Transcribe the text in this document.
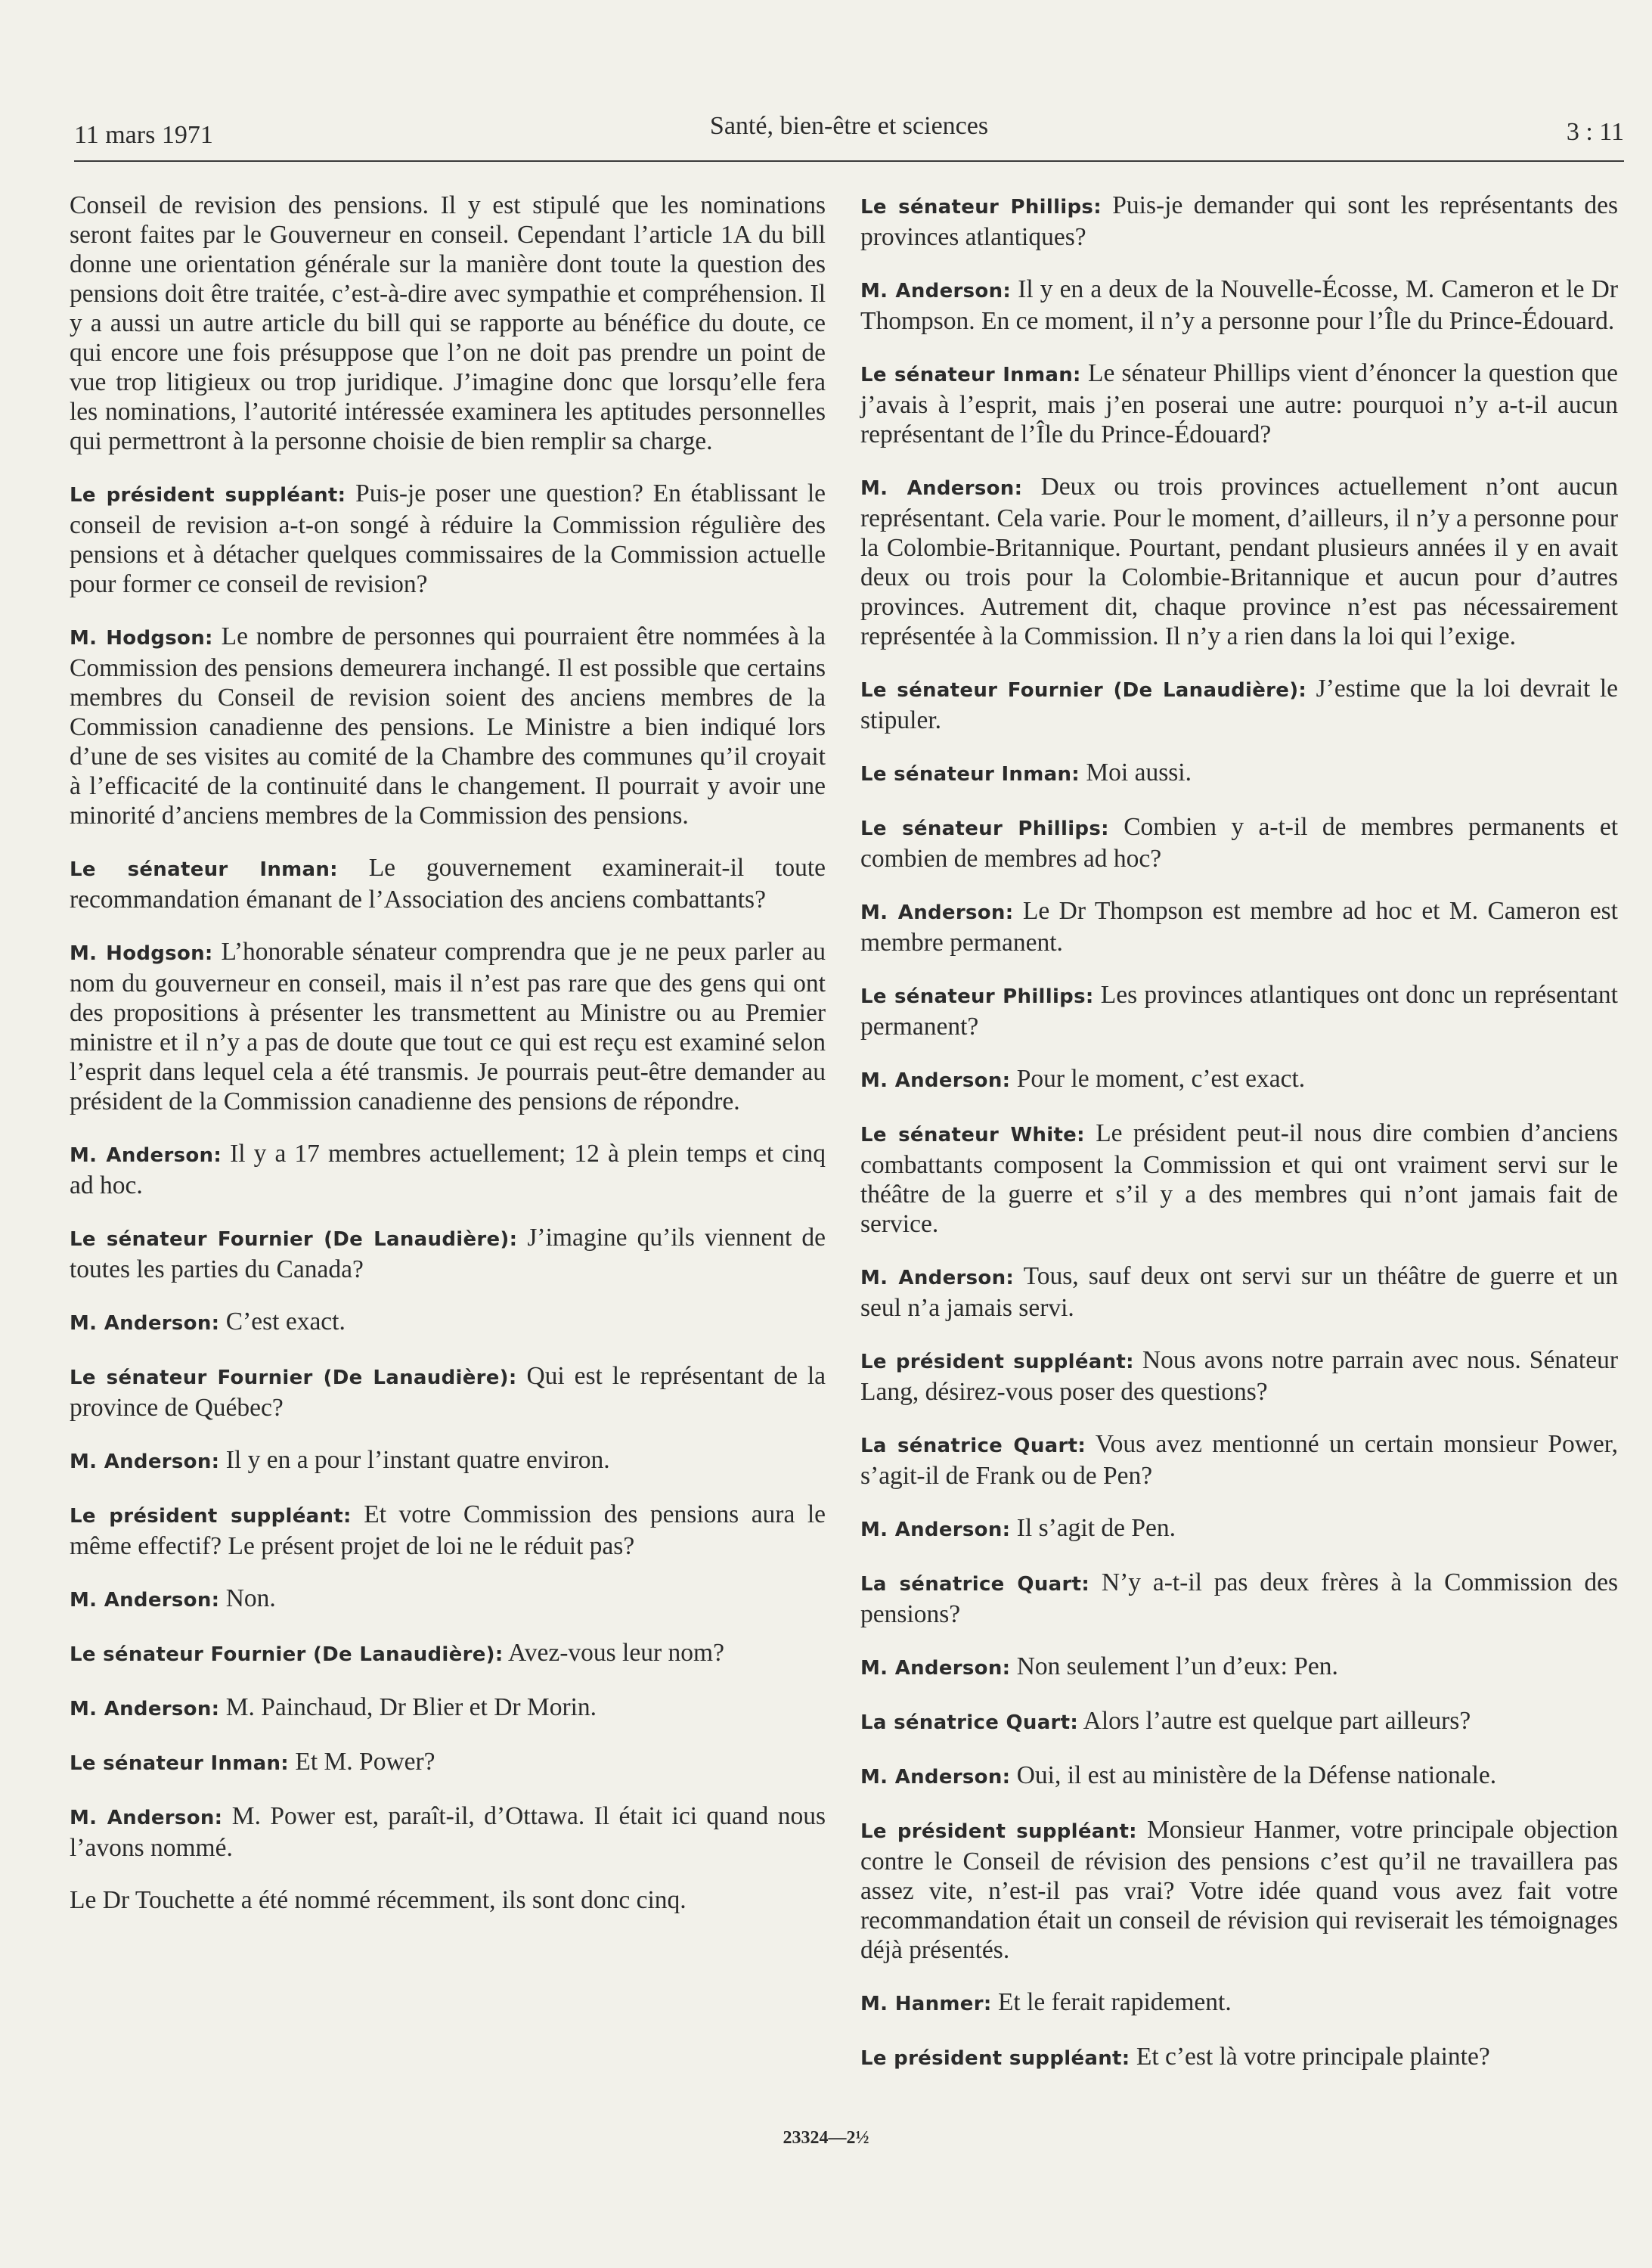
11 mars 1971	Santé, bien-être et sciences	3 : 11

Conseil de revision des pensions. Il y est stipulé que les nominations seront faites par le Gouverneur en conseil. Cependant l’article 1A du bill donne une orientation générale sur la manière dont toute la question des pensions doit être traitée, c’est-à-dire avec sympathie et compréhension. Il y a aussi un autre article du bill qui se rapporte au bénéfice du doute, ce qui encore une fois présuppose que l’on ne doit pas prendre un point de vue trop litigieux ou trop juridique. J’imagine donc que lorsqu’elle fera les nominations, l’autorité intéressée examinera les aptitudes personnelles qui permettront à la personne choisie de bien remplir sa charge.

Le président suppléant: Puis-je poser une question? En établissant le conseil de revision a-t-on songé à réduire la Commission régulière des pensions et à détacher quelques commissaires de la Commission actuelle pour former ce conseil de revision?

M. Hodgson: Le nombre de personnes qui pourraient être nommées à la Commission des pensions demeurera inchangé. Il est possible que certains membres du Conseil de revision soient des anciens membres de la Commission canadienne des pensions. Le Ministre a bien indiqué lors d’une de ses visites au comité de la Chambre des communes qu’il croyait à l’efficacité de la continuité dans le changement. Il pourrait y avoir une minorité d’anciens membres de la Commission des pensions.

Le sénateur Inman: Le gouvernement examinerait-il toute recommandation émanant de l’Association des anciens combattants?

M. Hodgson: L’honorable sénateur comprendra que je ne peux parler au nom du gouverneur en conseil, mais il n’est pas rare que des gens qui ont des propositions à présenter les transmettent au Ministre ou au Premier ministre et il n’y a pas de doute que tout ce qui est reçu est examiné selon l’esprit dans lequel cela a été transmis. Je pourrais peut-être demander au président de la Commission canadienne des pensions de répondre.

M. Anderson: Il y a 17 membres actuellement; 12 à plein temps et cinq ad hoc.

Le sénateur Fournier (De Lanaudière): J’imagine qu’ils viennent de toutes les parties du Canada?

M. Anderson: C’est exact.

Le sénateur Fournier (De Lanaudière): Qui est le représentant de la province de Québec?

M. Anderson: Il y en a pour l’instant quatre environ.

Le président suppléant: Et votre Commission des pensions aura le même effectif? Le présent projet de loi ne le réduit pas?

M. Anderson: Non.

Le sénateur Fournier (De Lanaudière): Avez-vous leur nom?

M. Anderson: M. Painchaud, Dr Blier et Dr Morin.

Le sénateur Inman: Et M. Power?

M. Anderson: M. Power est, paraît-il, d’Ottawa. Il était ici quand nous l’avons nommé.

Le Dr Touchette a été nommé récemment, ils sont donc cinq.

Le sénateur Phillips: Puis-je demander qui sont les représentants des provinces atlantiques?

M. Anderson: Il y en a deux de la Nouvelle-Écosse, M. Cameron et le Dr Thompson. En ce moment, il n’y a personne pour l’Île du Prince-Édouard.

Le sénateur Inman: Le sénateur Phillips vient d’énoncer la question que j’avais à l’esprit, mais j’en poserai une autre: pourquoi n’y a-t-il aucun représentant de l’Île du Prince-Édouard?

M. Anderson: Deux ou trois provinces actuellement n’ont aucun représentant. Cela varie. Pour le moment, d’ailleurs, il n’y a personne pour la Colombie-Britannique. Pourtant, pendant plusieurs années il y en avait deux ou trois pour la Colombie-Britannique et aucun pour d’autres provinces. Autrement dit, chaque province n’est pas nécessairement représentée à la Commission. Il n’y a rien dans la loi qui l’exige.

Le sénateur Fournier (De Lanaudière): J’estime que la loi devrait le stipuler.

Le sénateur Inman: Moi aussi.

Le sénateur Phillips: Combien y a-t-il de membres permanents et combien de membres ad hoc?

M. Anderson: Le Dr Thompson est membre ad hoc et M. Cameron est membre permanent.

Le sénateur Phillips: Les provinces atlantiques ont donc un représentant permanent?

M. Anderson: Pour le moment, c’est exact.

Le sénateur White: Le président peut-il nous dire combien d’anciens combattants composent la Commission et qui ont vraiment servi sur le théâtre de la guerre et s’il y a des membres qui n’ont jamais fait de service.

M. Anderson: Tous, sauf deux ont servi sur un théâtre de guerre et un seul n’a jamais servi.

Le président suppléant: Nous avons notre parrain avec nous. Sénateur Lang, désirez-vous poser des questions?

La sénatrice Quart: Vous avez mentionné un certain monsieur Power, s’agit-il de Frank ou de Pen?

M. Anderson: Il s’agit de Pen.

La sénatrice Quart: N’y a-t-il pas deux frères à la Commission des pensions?

M. Anderson: Non seulement l’un d’eux: Pen.

La sénatrice Quart: Alors l’autre est quelque part ailleurs?

M. Anderson: Oui, il est au ministère de la Défense nationale.

Le président suppléant: Monsieur Hanmer, votre principale objection contre le Conseil de révision des pensions c’est qu’il ne travaillera pas assez vite, n’est-il pas vrai? Votre idée quand vous avez fait votre recommandation était un conseil de révision qui reviserait les témoignages déjà présentés.

M. Hanmer: Et le ferait rapidement.

Le président suppléant: Et c’est là votre principale plainte?

23324—2½
